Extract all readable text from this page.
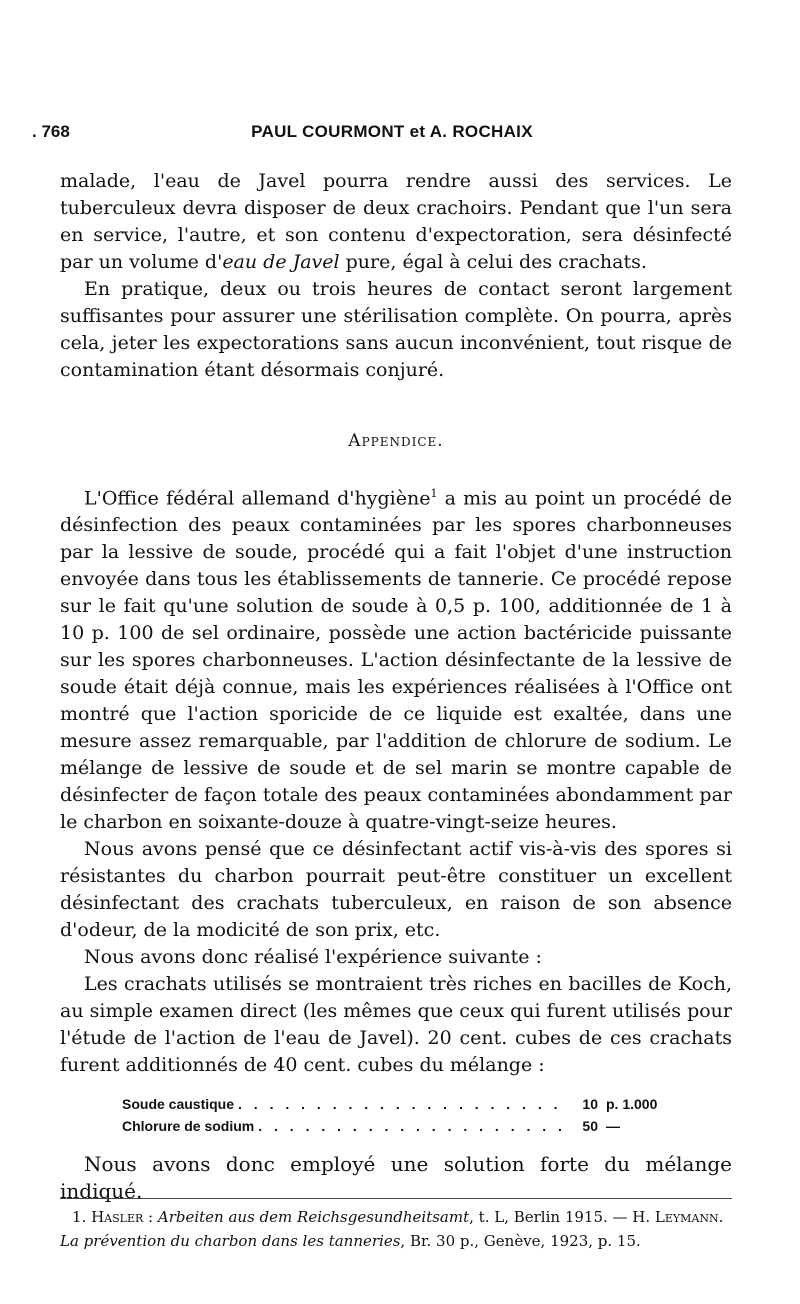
. 768	PAUL COURMONT et A. ROCHAIX

malade, l'eau de Javel pourra rendre aussi des services. Le tuberculeux devra disposer de deux crachoirs. Pendant que l'un sera en service, l'autre, et son contenu d'expectoration, sera désinfecté par un volume d'eau de Javel pure, égal à celui des crachats.

En pratique, deux ou trois heures de contact seront largement suffisantes pour assurer une stérilisation complète. On pourra, après cela, jeter les expectorations sans aucun inconvénient, tout risque de contamination étant désormais conjuré.

Appendice.

L'Office fédéral allemand d'hygiène$^1$ a mis au point un procédé de désinfection des peaux contaminées par les spores charbonneuses par la lessive de soude, procédé qui a fait l'objet d'une instruction envoyée dans tous les établissements de tannerie. Ce procédé repose sur le fait qu'une solution de soude à 0,5 p. 100, additionnée de 1 à 10 p. 100 de sel ordinaire, possède une action bactéricide puissante sur les spores charbonneuses. L'action désinfectante de la lessive de soude était déjà connue, mais les expériences réalisées à l'Office ont montré que l'action sporicide de ce liquide est exaltée, dans une mesure assez remarquable, par l'addition de chlorure de sodium. Le mélange de lessive de soude et de sel marin se montre capable de désinfecter de façon totale des peaux contaminées abondamment par le charbon en soixante-douze à quatre-vingt-seize heures.

Nous avons pensé que ce désinfectant actif vis-à-vis des spores si résistantes du charbon pourrait peut-être constituer un excellent désinfectant des crachats tuberculeux, en raison de son absence d'odeur, de la modicité de son prix, etc.

Nous avons donc réalisé l'expérience suivante :

Les crachats utilisés se montraient très riches en bacilles de Koch, au simple examen direct (les mêmes que ceux qui furent utilisés pour l'étude de l'action de l'eau de Javel). 20 cent. cubes de ces crachats furent additionnés de 40 cent. cubes du mélange :

Soude caustique . . .	10 p. 1.000
Chlorure de sodium . . .	50 —

Nous avons donc employé une solution forte du mélange indiqué.

1. Hasler : Arbeiten aus dem Reichsgesundheitsamt, t. L, Berlin 1915. — H. Leymann. La prévention du charbon dans les tanneries, Br. 30 p., Genève, 1923, p. 15.
